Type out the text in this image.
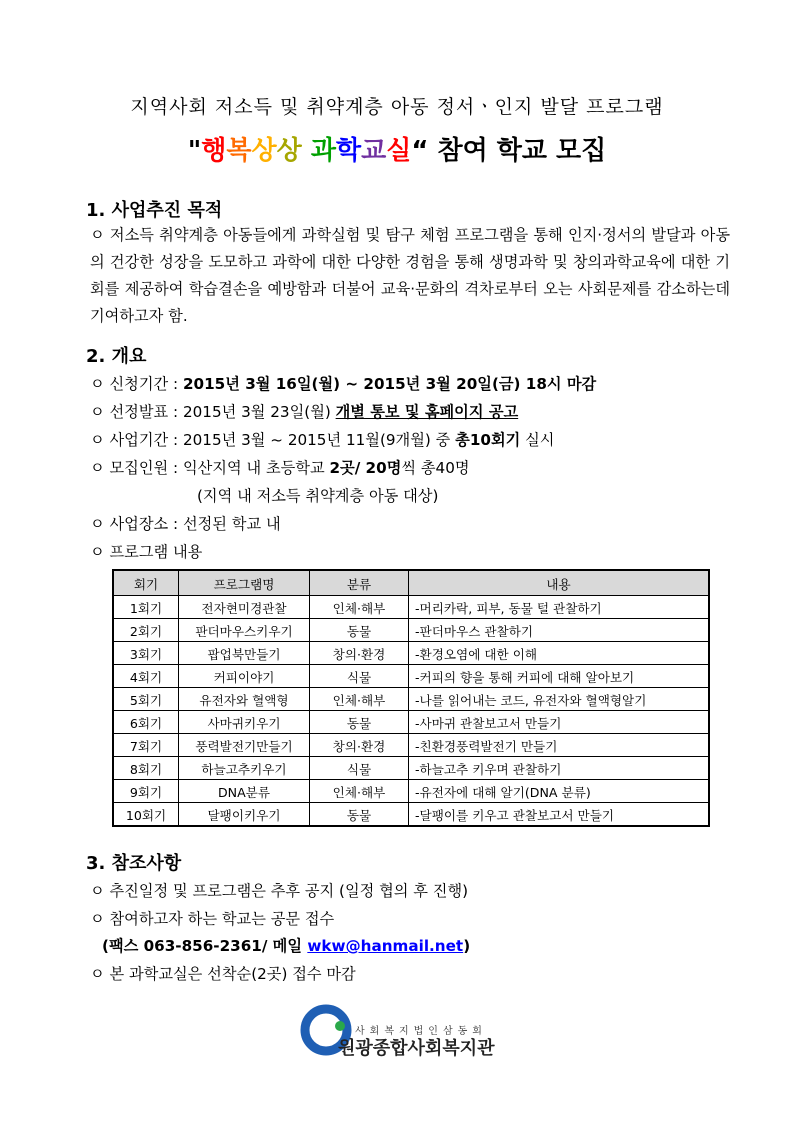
지역사회 저소득 및 취약계층 아동 정서ㆍ인지 발달 프로그램
"행복상상 과학교실“ 참여 학교 모집
1. 사업추진 목적
ㅇ 저소득 취약계층 아동들에게 과학실험 및 탐구 체험 프로그램을 통해 인지·정서의 발달과 아동의 건강한 성장을 도모하고 과학에 대한 다양한 경험을 통해 생명과학 및 창의과학교육에 대한 기회를 제공하여 학습결손을 예방함과 더불어 교육·문화의 격차로부터 오는 사회문제를 감소하는데 기여하고자 함.
2. 개요
ㅇ 신청기간 : 2015년 3월 16일(월) ~ 2015년 3월 20일(금) 18시 마감
ㅇ 선정발표 : 2015년 3월 23일(월) 개별 통보 및 홈페이지 공고
ㅇ 사업기간 : 2015년 3월 ~ 2015년 11월(9개월) 중 총10회기 실시
ㅇ 모집인원 : 익산지역 내 초등학교 2곳/ 20명씩 총40명
(지역 내 저소득 취약계층 아동 대상)
ㅇ 사업장소 : 선정된 학교 내
ㅇ 프로그램 내용
회기	프로그램명	분류	내용
1회기	전자현미경관찰	인체·해부	-머리카락, 피부, 동물 털 관찰하기
2회기	판더마우스키우기	동물	-판더마우스 관찰하기
3회기	팝업북만들기	창의·환경	-환경오염에 대한 이해
4회기	커피이야기	식물	-커피의 향을 통해 커피에 대해 알아보기
5회기	유전자와 혈액형	인체·해부	-나를 읽어내는 코드, 유전자와 혈액형알기
6회기	사마귀키우기	동물	-사마귀 관찰보고서 만들기
7회기	풍력발전기만들기	창의·환경	-친환경풍력발전기 만들기
8회기	하늘고추키우기	식물	-하늘고추 키우며 관찰하기
9회기	DNA분류	인체·해부	-유전자에 대해 알기(DNA 분류)
10회기	달팽이키우기	동물	-달팽이를 키우고 관찰보고서 만들기
3. 참조사항
ㅇ 추진일정 및 프로그램은 추후 공지 (일정 협의 후 진행)
ㅇ 참여하고자 하는 학교는 공문 접수
(팩스 063-856-2361/ 메일 wkw@hanmail.net)
ㅇ 본 과학교실은 선착순(2곳) 접수 마감
사회복지법인삼동회
원광종합사회복지관
